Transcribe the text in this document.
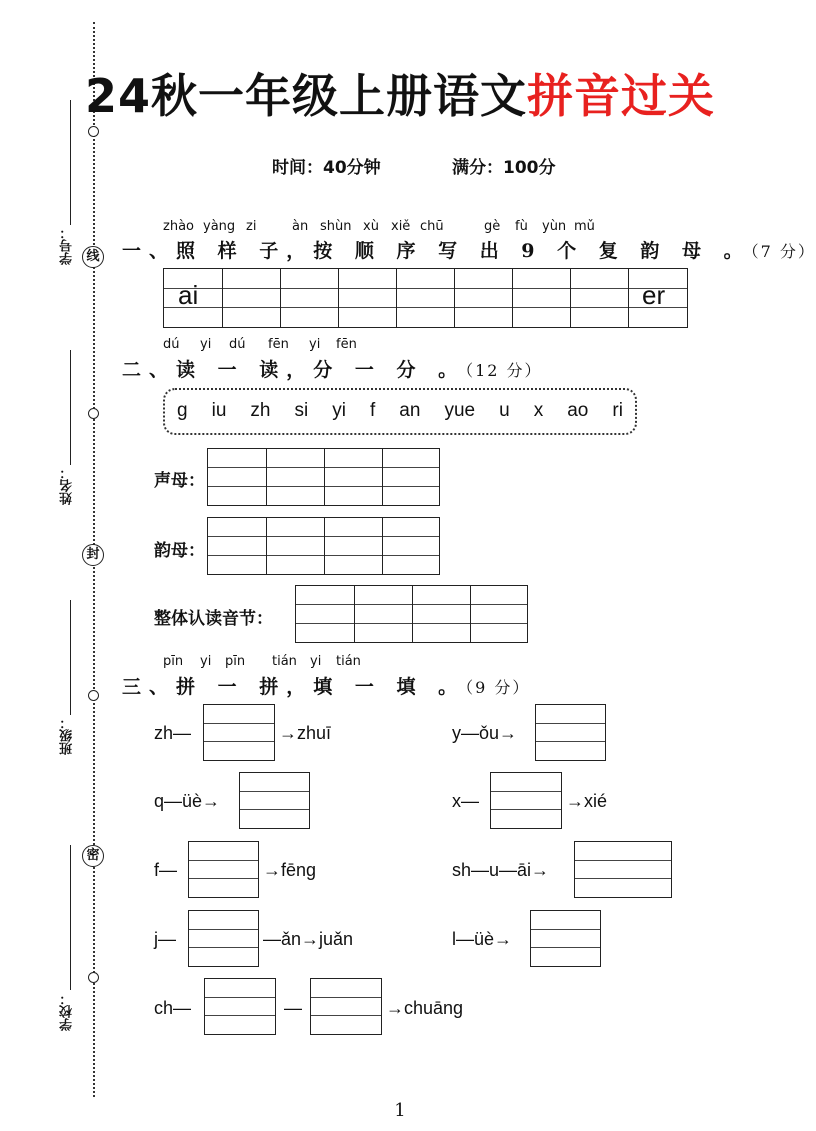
线
封
密
学号：
姓名：
班级：
学校：
24秋一年级上册语文拼音过关
时间：40分钟	满分：100分
zhào yàng zi	àn shùn xù xiě chū	gè fù yùn mǔ
一、照 样 子，按 顺 序 写 出 9 个 复 韵 母 。（7 分）
ai	er
dú yi dú fēn yi fēn
二、读 一 读，分 一 分 。（12 分）
g iu zh si yi f an yue u x ao ri
声母：
韵母：
整体认读音节：
pīn yi pīn tián yi tián
三、拼 一 拼，填 一 填 。（9 分）
zh—	→zhuī	y—ǒu→
q—üè→	x—	→xié
f—	→fēng	sh—u—āi→
j—	—ǎn→juǎn	l—üè→
ch—	—	→chuāng
1
